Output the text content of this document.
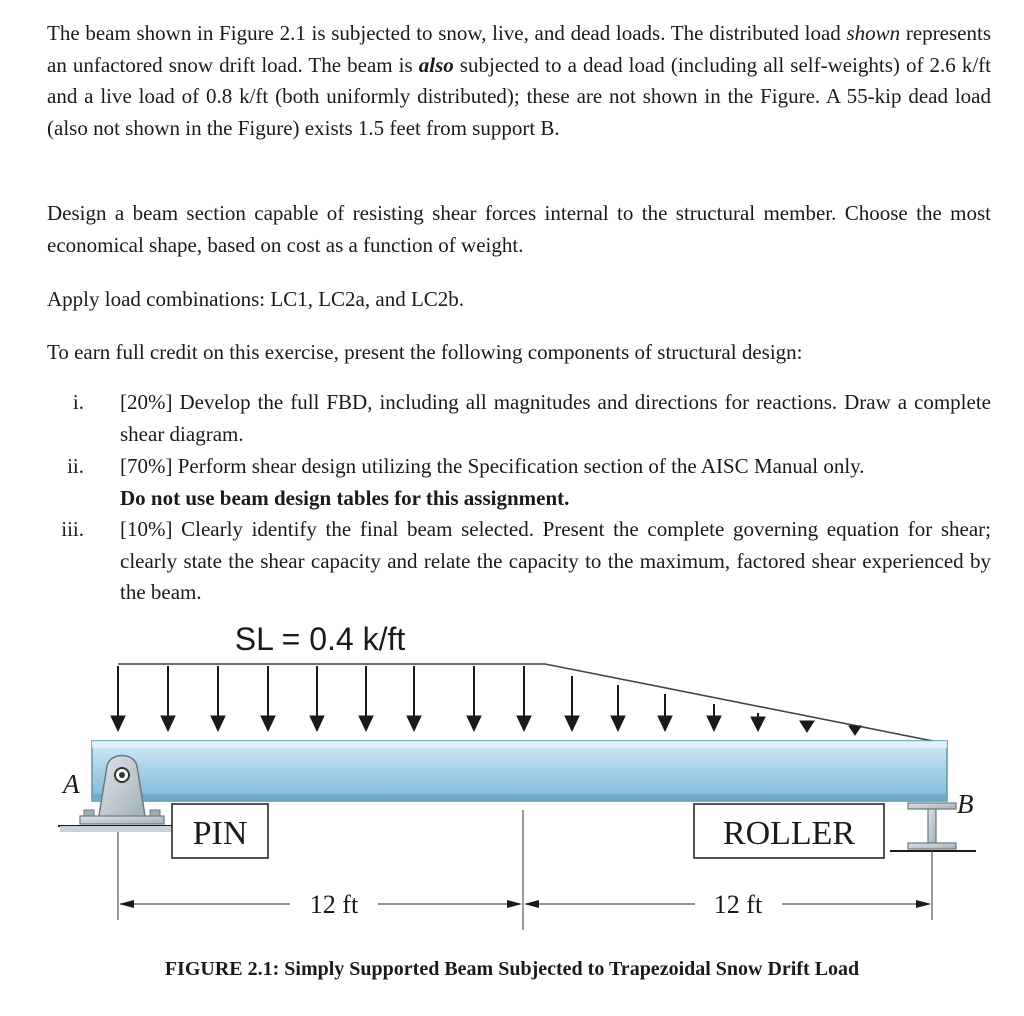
The beam shown in Figure 2.1 is subjected to snow, live, and dead loads. The distributed load shown represents an unfactored snow drift load. The beam is also subjected to a dead load (including all self-weights) of 2.6 k/ft and a live load of 0.8 k/ft (both uniformly distributed); these are not shown in the Figure. A 55-kip dead load (also not shown in the Figure) exists 1.5 feet from support B.

Design a beam section capable of resisting shear forces internal to the structural member. Choose the most economical shape, based on cost as a function of weight.

Apply load combinations: LC1, LC2a, and LC2b.

To earn full credit on this exercise, present the following components of structural design:

i. [20%] Develop the full FBD, including all magnitudes and directions for reactions. Draw a complete shear diagram.

ii. [70%] Perform shear design utilizing the Specification section of the AISC Manual only.
Do not use beam design tables for this assignment.

iii. [10%] Clearly identify the final beam selected. Present the complete governing equation for shear; clearly state the shear capacity and relate the capacity to the maximum, factored shear experienced by the beam.

SL = 0.4 k/ft
A
B
PIN	ROLLER
12 ft	12 ft
FIGURE 2.1: Simply Supported Beam Subjected to Trapezoidal Snow Drift Load
